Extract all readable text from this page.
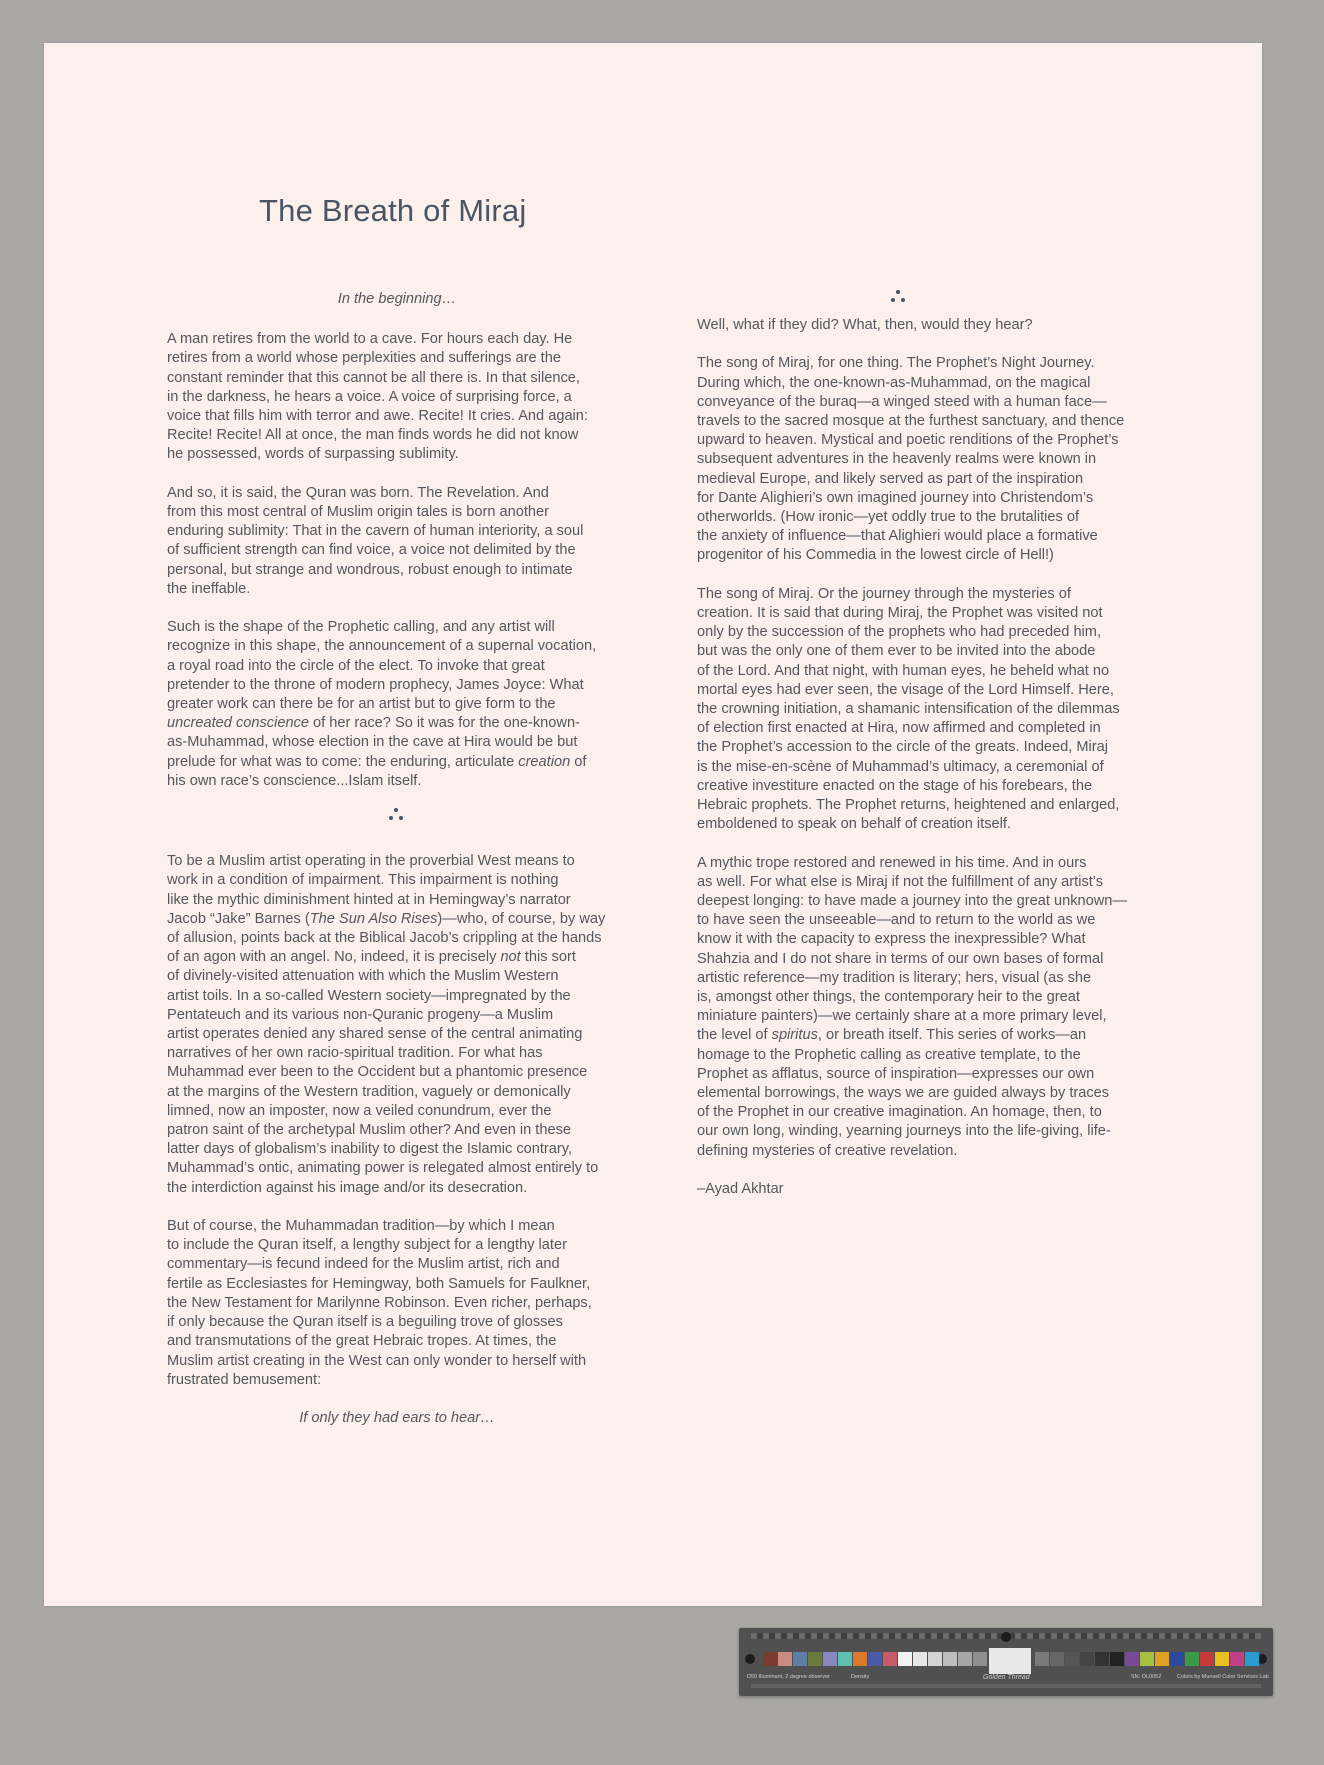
The Breath of Miraj

In the beginning…

A man retires from the world to a cave. For hours each day. He
retires from a world whose perplexities and sufferings are the
constant reminder that this cannot be all there is. In that silence,
in the darkness, he hears a voice. A voice of surprising force, a
voice that fills him with terror and awe. Recite! It cries. And again:
Recite! Recite! All at once, the man finds words he did not know
he possessed, words of surpassing sublimity.

And so, it is said, the Quran was born. The Revelation. And
from this most central of Muslim origin tales is born another
enduring sublimity: That in the cavern of human interiority, a soul
of sufficient strength can find voice, a voice not delimited by the
personal, but strange and wondrous, robust enough to intimate
the ineffable.

Such is the shape of the Prophetic calling, and any artist will
recognize in this shape, the announcement of a supernal vocation,
a royal road into the circle of the elect. To invoke that great
pretender to the throne of modern prophecy, James Joyce: What
greater work can there be for an artist but to give form to the
uncreated conscience of her race? So it was for the one-known-
as-Muhammad, whose election in the cave at Hira would be but
prelude for what was to come: the enduring, articulate creation of
his own race’s conscience...Islam itself.

To be a Muslim artist operating in the proverbial West means to
work in a condition of impairment. This impairment is nothing
like the mythic diminishment hinted at in Hemingway’s narrator
Jacob “Jake” Barnes (The Sun Also Rises)—who, of course, by way
of allusion, points back at the Biblical Jacob’s crippling at the hands
of an agon with an angel. No, indeed, it is precisely not this sort
of divinely-visited attenuation with which the Muslim Western
artist toils. In a so-called Western society—impregnated by the
Pentateuch and its various non-Quranic progeny—a Muslim
artist operates denied any shared sense of the central animating
narratives of her own racio-spiritual tradition. For what has
Muhammad ever been to the Occident but a phantomic presence
at the margins of the Western tradition, vaguely or demonically
limned, now an imposter, now a veiled conundrum, ever the
patron saint of the archetypal Muslim other? And even in these
latter days of globalism’s inability to digest the Islamic contrary,
Muhammad’s ontic, animating power is relegated almost entirely to
the interdiction against his image and/or its desecration.

But of course, the Muhammadan tradition—by which I mean
to include the Quran itself, a lengthy subject for a lengthy later
commentary—is fecund indeed for the Muslim artist, rich and
fertile as Ecclesiastes for Hemingway, both Samuels for Faulkner,
the New Testament for Marilynne Robinson. Even richer, perhaps,
if only because the Quran itself is a beguiling trove of glosses
and transmutations of the great Hebraic tropes. At times, the
Muslim artist creating in the West can only wonder to herself with
frustrated bemusement:

If only they had ears to hear…

Well, what if they did? What, then, would they hear?

The song of Miraj, for one thing. The Prophet’s Night Journey.
During which, the one-known-as-Muhammad, on the magical
conveyance of the buraq—a winged steed with a human face—
travels to the sacred mosque at the furthest sanctuary, and thence
upward to heaven. Mystical and poetic renditions of the Prophet’s
subsequent adventures in the heavenly realms were known in
medieval Europe, and likely served as part of the inspiration
for Dante Alighieri’s own imagined journey into Christendom’s
otherworlds. (How ironic—yet oddly true to the brutalities of
the anxiety of influence—that Alighieri would place a formative
progenitor of his Commedia in the lowest circle of Hell!)

The song of Miraj. Or the journey through the mysteries of
creation. It is said that during Miraj, the Prophet was visited not
only by the succession of the prophets who had preceded him,
but was the only one of them ever to be invited into the abode
of the Lord. And that night, with human eyes, he beheld what no
mortal eyes had ever seen, the visage of the Lord Himself. Here,
the crowning initiation, a shamanic intensification of the dilemmas
of election first enacted at Hira, now affirmed and completed in
the Prophet’s accession to the circle of the greats. Indeed, Miraj
is the mise-en-scène of Muhammad’s ultimacy, a ceremonial of
creative investiture enacted on the stage of his forebears, the
Hebraic prophets. The Prophet returns, heightened and enlarged,
emboldened to speak on behalf of creation itself.

A mythic trope restored and renewed in his time. And in ours
as well. For what else is Miraj if not the fulfillment of any artist’s
deepest longing: to have made a journey into the great unknown—
to have seen the unseeable—and to return to the world as we
know it with the capacity to express the inexpressible? What
Shahzia and I do not share in terms of our own bases of formal
artistic reference—my tradition is literary; hers, visual (as she
is, amongst other things, the contemporary heir to the great
miniature painters)—we certainly share at a more primary level,
the level of spiritus, or breath itself. This series of works—an
homage to the Prophetic calling as creative template, to the
Prophet as afflatus, source of inspiration—expresses our own
elemental borrowings, the ways we are guided always by traces
of the Prophet in our creative imagination. An homage, then, to
our own long, winding, yearning journeys into the life-giving, life-
defining mysteries of creative revelation.

–Ayad Akhtar

D50 Illuminant, 2 degree observer	Density	Golden Thread	SN: OL0052	Colors by Munsell Color Services Lab
